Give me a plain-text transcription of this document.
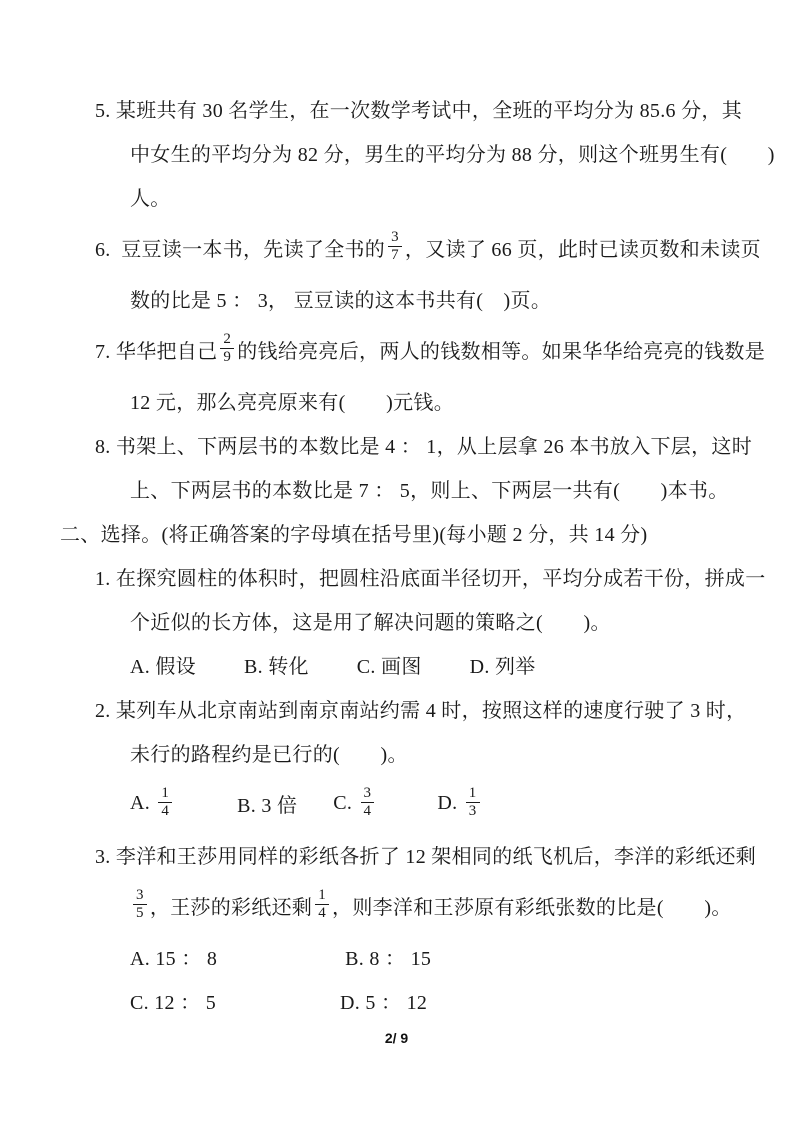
5. 某班共有 30 名学生，在一次数学考试中，全班的平均分为 85.6 分，其
中女生的平均分为 82 分，男生的平均分为 88 分，则这个班男生有(　　)
人。
6.  豆豆读一本书，先读了全书的 $\frac{3}{7}$ ，又读了 66 页，此时已读页数和未读页
数的比是 5 ： 3， 豆豆读的这本书共有(　)页。
7. 华华把自己 $\frac{2}{9}$ 的钱给亮亮后，两人的钱数相等。如果华华给亮亮的钱数是
12 元，那么亮亮原来有(　　)元钱。
8. 书架上、下两层书的本数比是 4 ： 1，从上层拿 26 本书放入下层，这时
上、下两层书的本数比是 7 ： 5，则上、下两层一共有(　　)本书。
二、选择。(将正确答案的字母填在括号里)(每小题 2 分，共 14 分)
1. 在探究圆柱的体积时，把圆柱沿底面半径切开，平均分成若干份，拼成一
个近似的长方体，这是用了解决问题的策略之(　　)。
A. 假设 B. 转化 C. 画图 D. 列举
2. 某列车从北京南站到南京南站约需 4 时，按照这样的速度行驶了 3 时，
未行的路程约是已行的(　　)。
A. $\frac{1}{4}$	B. 3 倍 C. $\frac{3}{4}$	D. $\frac{1}{3}$
3. 李洋和王莎用同样的彩纸各折了 12 架相同的纸飞机后，李洋的彩纸还剩
$\frac{3}{5}$ ，王莎的彩纸还剩 $\frac{1}{4}$ ，则李洋和王莎原有彩纸张数的比是(　　)。
A. 15 ： 8	B. 8 ： 15
C. 12 ： 5	D. 5 ： 12
2/ 9
